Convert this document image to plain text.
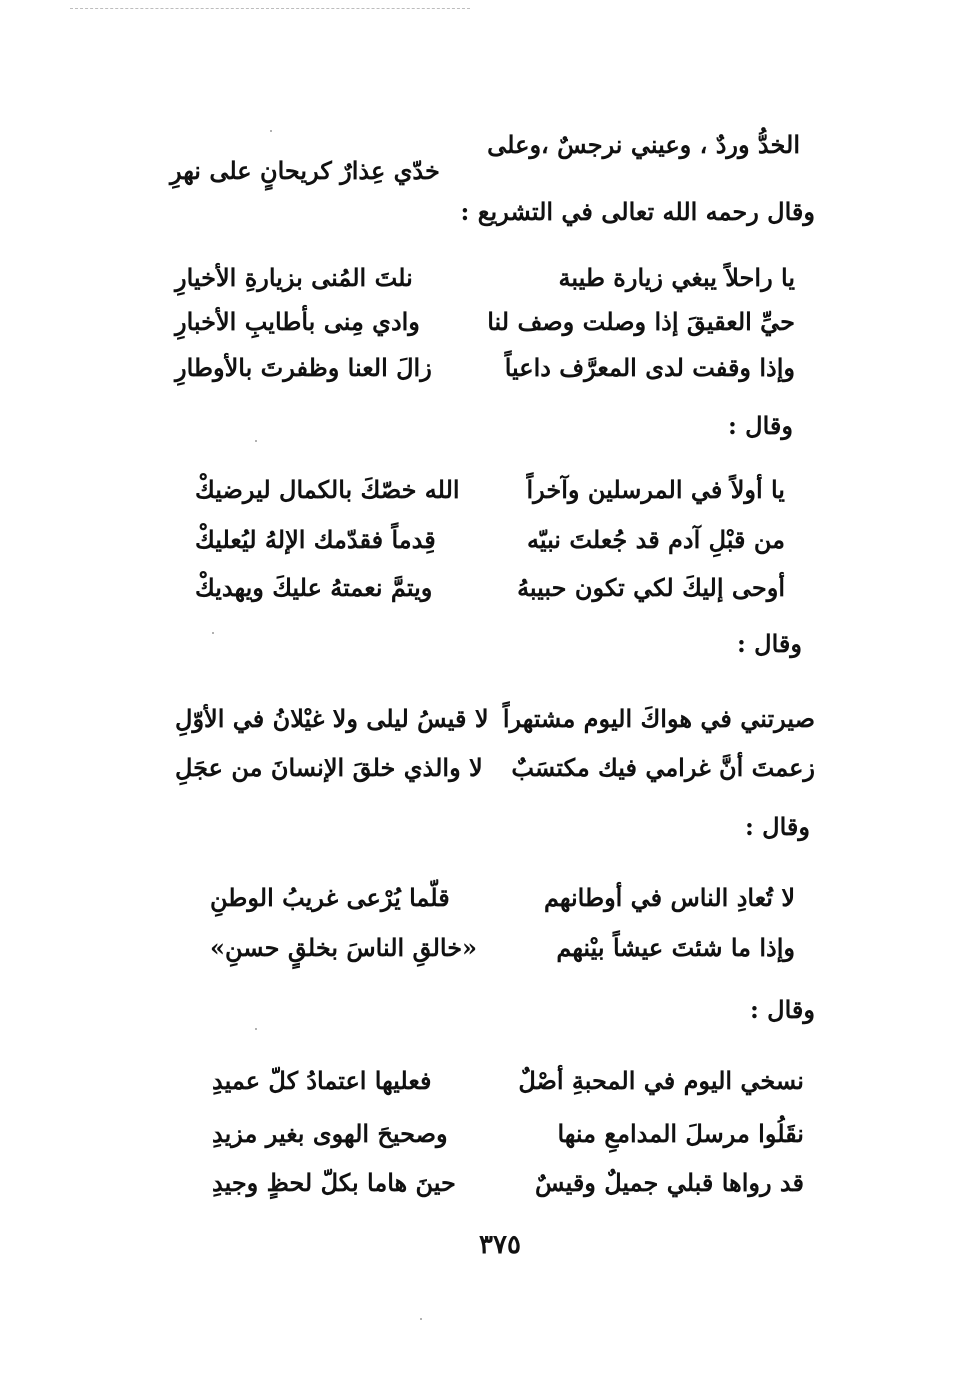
الخدُّ وردٌ ، وعيني نرجسٌ ،وعلى
خدّي عِذارٌ كريحانٍ على نهرِ
وقال رحمه الله تعالى في التشريع :
يا راحلاً يبغي زيارة طيبة
نلتَ المُنى بزيارةِ الأخيارِ
حيِّ العقيقَ إذا وصلت وصف لنا
وادي مِنى بأطايبِ الأخبارِ
وإذا وقفت لدى المعرَّف داعياً
زالَ العنا وظفرتَ بالأوطارِ
وقال :
يا أولاً في المرسلين وآخراً
الله خصّكَ بالكمال ليرضيكْ
من قبْلِ آدم قد جُعلتَ نبيّه
قِدماً فقدّمك الإلهُ ليُعليكْ
أوحى إليكَ لكي تكون حبيبهُ
ويتمَّ نعمتهُ عليكَ ويهديكْ
وقال :
صيرتني في هواكَ اليوم مشتهراً
لا قيسُ ليلى ولا غيْلانُ في الأوّلِ
زعمتَ أنَّ غرامي فيك مكتسَبٌ
لا والذي خلقَ الإنسانَ من عجَلِ
وقال :
لا تُعادِ الناس في أوطانهم
قلّما يُرْعى غريبُ الوطنِ
وإذا ما شئتَ عيشاً بيْنهم
«خالقِ الناسَ بخلقٍ حسنِ»
وقال :
نسخي اليوم في المحبةِ أصْلٌ
فعليها اعتمادُ كلّ عميدِ
نقَلُوا مرسلَ المدامعِ منها
وصحيحَ الهوى بغير مزيدِ
قد رواها قبلي جميلٌ وقيسٌ
حينَ هاما بكلّ لحظٍ وجيدِ
٣٧٥
